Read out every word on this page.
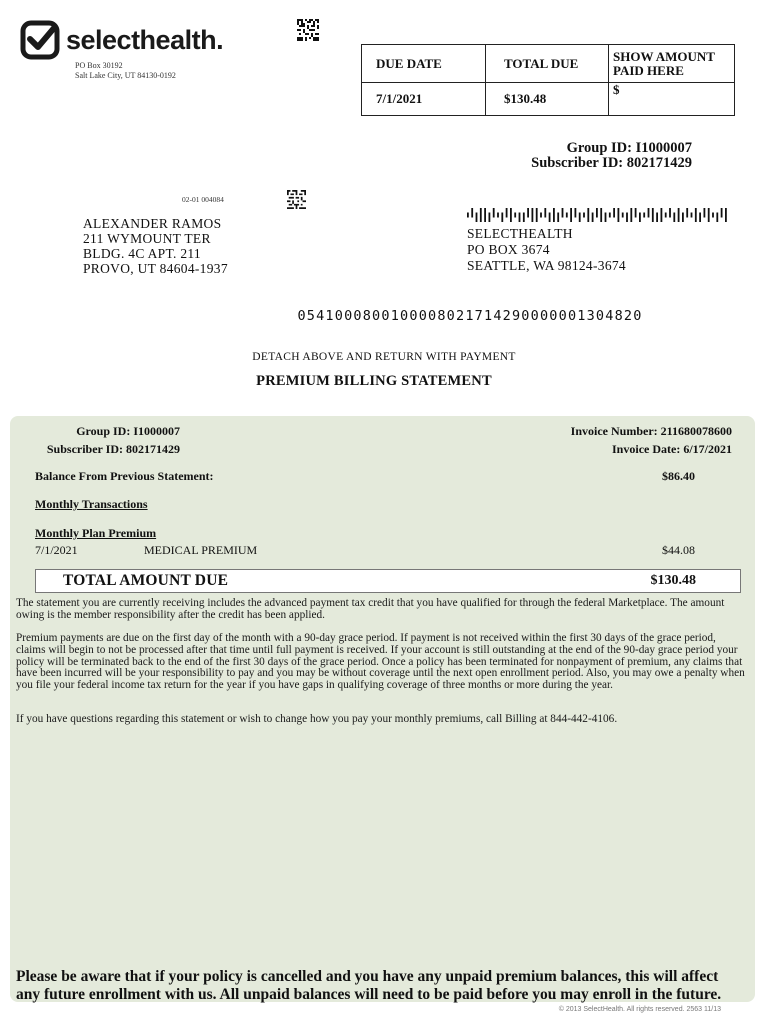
selecthealth.
PO Box 30192
Salt Lake City, UT 84130-0192
DUE DATE	TOTAL DUE	SHOW AMOUNT PAID HERE
7/1/2021	$130.48	$
Group ID: I1000007
Subscriber ID: 802171429
02-01 004084
ALEXANDER RAMOS
211 WYMOUNT TER
BLDG. 4C APT. 211
PROVO, UT 84604-1937
SELECTHEALTH
PO BOX 3674
SEATTLE, WA 98124-3674
0541000800100008021714290000001304820
DETACH ABOVE AND RETURN WITH PAYMENT
PREMIUM BILLING STATEMENT
Group ID: I1000007
Subscriber ID: 802171429
Invoice Number: 211680078600
Invoice Date: 6/17/2021
Balance From Previous Statement:	$86.40
Monthly Transactions
Monthly Plan Premium
7/1/2021	MEDICAL PREMIUM	$44.08
TOTAL AMOUNT DUE	$130.48
The statement you are currently receiving includes the advanced payment tax credit that you have qualified for through the federal Marketplace. The amount owing is the member responsibility after the credit has been applied.
Premium payments are due on the first day of the month with a 90-day grace period. If payment is not received within the first 30 days of the grace period, claims will begin to not be processed after that time until full payment is received. If your account is still outstanding at the end of the 90-day grace period your policy will be terminated back to the end of the first 30 days of the grace period. Once a policy has been terminated for nonpayment of premium, any claims that have been incurred will be your responsibility to pay and you may be without coverage until the next open enrollment period. Also, you may owe a penalty when you file your federal income tax return for the year if you have gaps in qualifying coverage of three months or more during the year.
If you have questions regarding this statement or wish to change how you pay your monthly premiums, call Billing at 844-442-4106.
Please be aware that if your policy is cancelled and you have any unpaid premium balances, this will affect any future enrollment with us. All unpaid balances will need to be paid before you may enroll in the future.
© 2013 SelectHealth. All rights reserved. 2563 11/13
